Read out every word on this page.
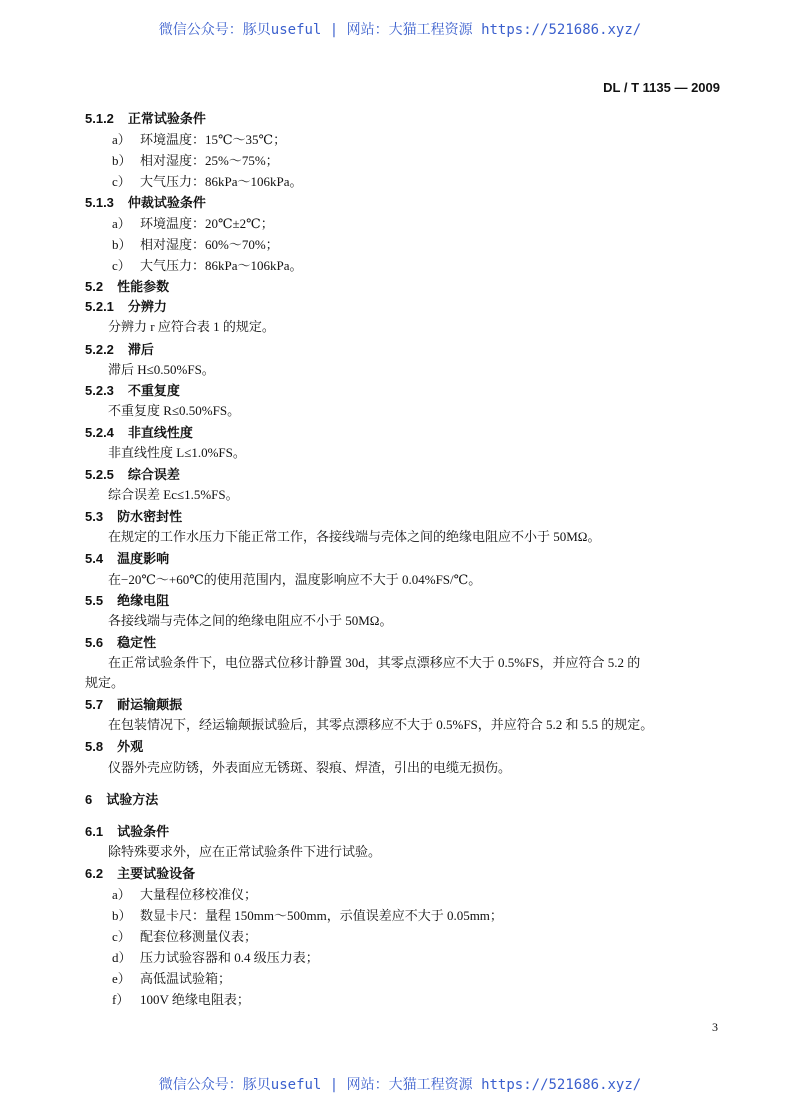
微信公众号：豚贝useful | 网站：大猫工程资源 https://521686.xyz/
DL / T 1135 — 2009
5.1.2 正常试验条件
a） 环境温度：15℃～35℃；
b） 相对湿度：25%～75%；
c） 大气压力：86kPa～106kPa。
5.1.3 仲裁试验条件
a） 环境温度：20℃±2℃；
b） 相对湿度：60%～70%；
c） 大气压力：86kPa～106kPa。
5.2 性能参数
5.2.1 分辨力
分辨力 r 应符合表 1 的规定。
5.2.2 滞后
滞后 H≤0.50%FS。
5.2.3 不重复度
不重复度 R≤0.50%FS。
5.2.4 非直线性度
非直线性度 L≤1.0%FS。
5.2.5 综合误差
综合误差 Ec≤1.5%FS。
5.3 防水密封性
在规定的工作水压力下能正常工作，各接线端与壳体之间的绝缘电阻应不小于 50MΩ。
5.4 温度影响
在−20℃～+60℃的使用范围内，温度影响应不大于 0.04%FS/℃。
5.5 绝缘电阻
各接线端与壳体之间的绝缘电阻应不小于 50MΩ。
5.6 稳定性
在正常试验条件下，电位器式位移计静置 30d，其零点漂移应不大于 0.5%FS，并应符合 5.2 的
规定。
5.7 耐运输颠振
在包装情况下，经运输颠振试验后，其零点漂移应不大于 0.5%FS，并应符合 5.2 和 5.5 的规定。
5.8 外观
仪器外壳应防锈，外表面应无锈斑、裂痕、焊渣，引出的电缆无损伤。
6 试验方法
6.1 试验条件
除特殊要求外，应在正常试验条件下进行试验。
6.2 主要试验设备
a） 大量程位移校准仪；
b） 数显卡尺：量程 150mm～500mm，示值误差应不大于 0.05mm；
c） 配套位移测量仪表；
d） 压力试验容器和 0.4 级压力表；
e） 高低温试验箱；
f） 100V 绝缘电阻表；
3
微信公众号：豚贝useful | 网站：大猫工程资源 https://521686.xyz/
